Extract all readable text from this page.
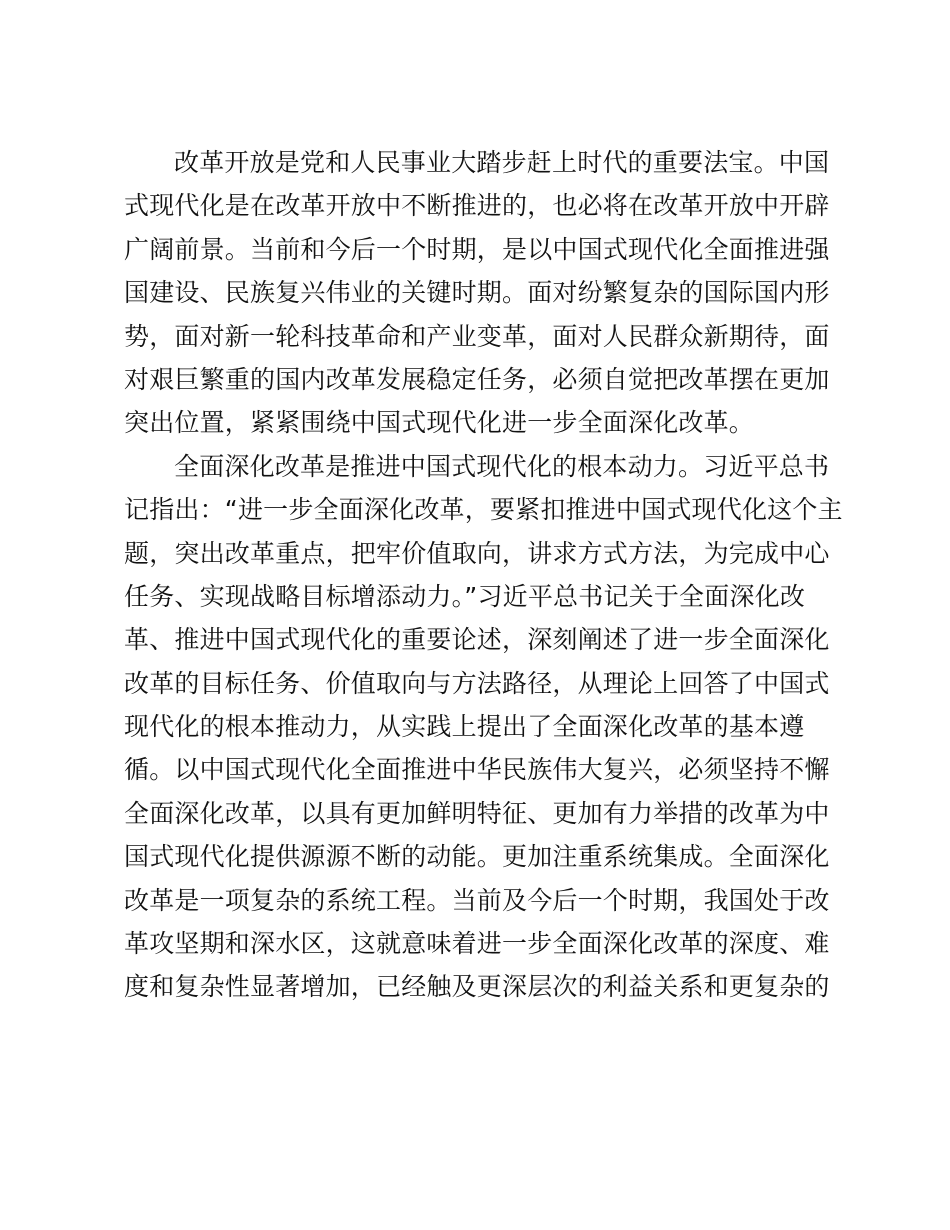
改革开放是党和人民事业大踏步赶上时代的重要法宝。中国
式现代化是在改革开放中不断推进的，也必将在改革开放中开辟
广阔前景。当前和今后一个时期，是以中国式现代化全面推进强
国建设、民族复兴伟业的关键时期。面对纷繁复杂的国际国内形
势，面对新一轮科技革命和产业变革，面对人民群众新期待，面
对艰巨繁重的国内改革发展稳定任务，必须自觉把改革摆在更加
突出位置，紧紧围绕中国式现代化进一步全面深化改革。
全面深化改革是推进中国式现代化的根本动力。习近平总书
记指出：“进一步全面深化改革，要紧扣推进中国式现代化这个主
题，突出改革重点，把牢价值取向，讲求方式方法，为完成中心
任务、实现战略目标增添动力。”习近平总书记关于全面深化改
革、推进中国式现代化的重要论述，深刻阐述了进一步全面深化
改革的目标任务、价值取向与方法路径，从理论上回答了中国式
现代化的根本推动力，从实践上提出了全面深化改革的基本遵
循。以中国式现代化全面推进中华民族伟大复兴，必须坚持不懈
全面深化改革，以具有更加鲜明特征、更加有力举措的改革为中
国式现代化提供源源不断的动能。更加注重系统集成。全面深化
改革是一项复杂的系统工程。当前及今后一个时期，我国处于改
革攻坚期和深水区，这就意味着进一步全面深化改革的深度、难
度和复杂性显著增加，已经触及更深层次的利益关系和更复杂的
